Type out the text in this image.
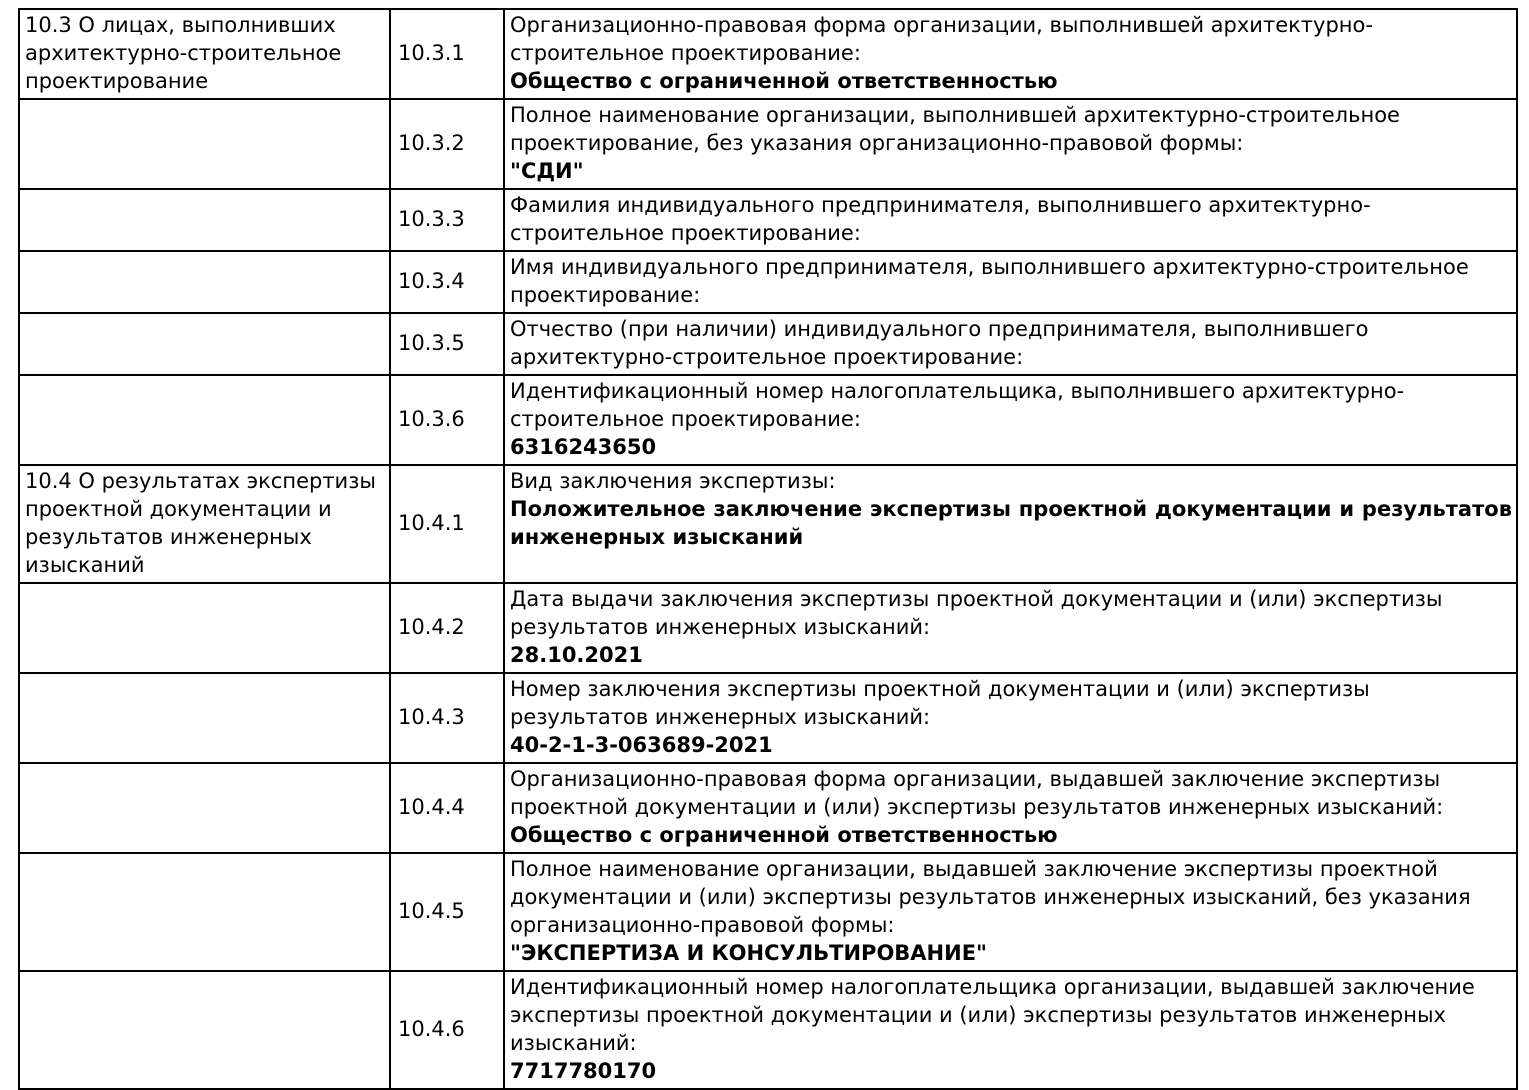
10.3 О лицах, выполнивших архитектурно-строительное проектирование	10.3.1	Организационно-правовая форма организации, выполнившей архитектурно-строительное проектирование:
Общество с ограниченной ответственностью

	10.3.2	Полное наименование организации, выполнившей архитектурно-строительное проектирование, без указания организационно-правовой формы:
"СДИ"

	10.3.3	Фамилия индивидуального предпринимателя, выполнившего архитектурно-строительное проектирование:

	10.3.4	Имя индивидуального предпринимателя, выполнившего архитектурно-строительное проектирование:

	10.3.5	Отчество (при наличии) индивидуального предпринимателя, выполнившего архитектурно-строительное проектирование:

	10.3.6	Идентификационный номер налогоплательщика, выполнившего архитектурно-строительное проектирование:
6316243650

10.4 О результатах экспертизы проектной документации и результатов инженерных изысканий	10.4.1	Вид заключения экспертизы:
Положительное заключение экспертизы проектной документации и результатов инженерных изысканий

	10.4.2	Дата выдачи заключения экспертизы проектной документации и (или) экспертизы результатов инженерных изысканий:
28.10.2021

	10.4.3	Номер заключения экспертизы проектной документации и (или) экспертизы результатов инженерных изысканий:
40-2-1-3-063689-2021

	10.4.4	Организационно-правовая форма организации, выдавшей заключение экспертизы проектной документации и (или) экспертизы результатов инженерных изысканий:
Общество с ограниченной ответственностью

	10.4.5	Полное наименование организации, выдавшей заключение экспертизы проектной документации и (или) экспертизы результатов инженерных изысканий, без указания организационно-правовой формы:
"ЭКСПЕРТИЗА И КОНСУЛЬТИРОВАНИЕ"

	10.4.6	Идентификационный номер налогоплательщика организации, выдавшей заключение экспертизы проектной документации и (или) экспертизы результатов инженерных изысканий:
7717780170
